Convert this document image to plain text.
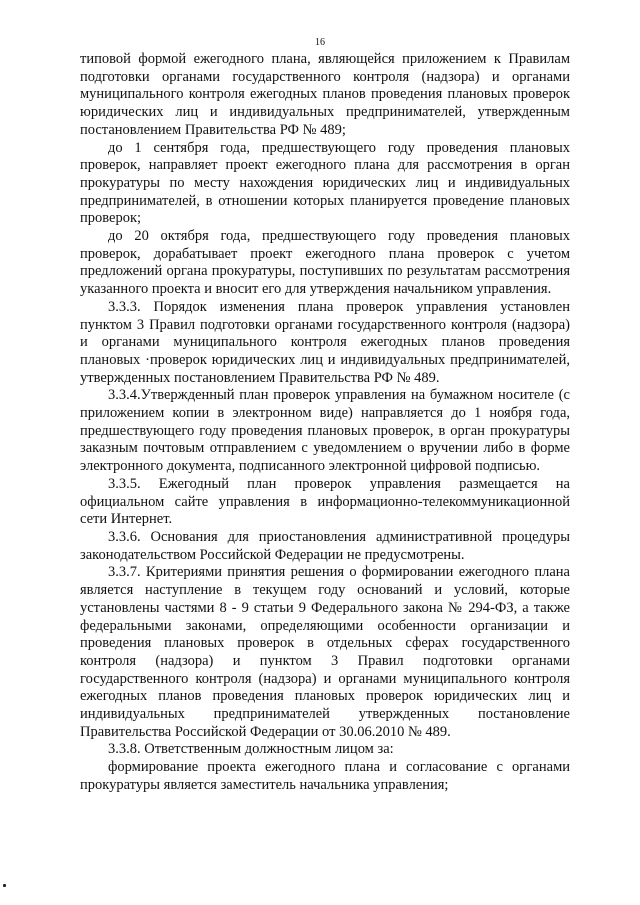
16

типовой формой ежегодного плана, являющейся приложением к Правилам подготовки органами государственного контроля (надзора) и органами муниципального контроля ежегодных планов проведения плановых проверок юридических лиц и индивидуальных предпринимателей, утвержденным постановлением Правительства РФ № 489;

до 1 сентября года, предшествующего году проведения плановых проверок, направляет проект ежегодного плана для рассмотрения в орган прокуратуры по месту нахождения юридических лиц и индивидуальных предпринимателей, в отношении которых планируется проведение плановых проверок;

до 20 октября года, предшествующего году проведения плановых проверок, дорабатывает проект ежегодного плана проверок с учетом предложений органа прокуратуры, поступивших по результатам рассмотрения указанного проекта и вносит его для утверждения начальником управления.

3.3.3. Порядок изменения плана проверок управления установлен пунктом 3 Правил подготовки органами государственного контроля (надзора) и органами муниципального контроля ежегодных планов проведения плановых ·проверок юридических лиц и индивидуальных предпринимателей, утвержденных постановлением Правительства РФ № 489.

3.3.4.Утвержденный план проверок управления на бумажном носителе (с приложением копии в электронном виде) направляется до 1 ноября года, предшествующего году проведения плановых проверок, в орган прокуратуры заказным почтовым отправлением с уведомлением о вручении либо в форме электронного документа, подписанного электронной цифровой подписью.

3.3.5. Ежегодный план проверок управления размещается на официальном сайте управления в информационно-телекоммуникационной сети Интернет.

3.3.6. Основания для приостановления административной процедуры законодательством Российской Федерации не предусмотрены.

3.3.7. Критериями принятия решения о формировании ежегодного плана является наступление в текущем году оснований и условий, которые установлены частями 8 - 9 статьи 9 Федерального закона № 294-ФЗ, а также федеральными законами, определяющими особенности организации и проведения плановых проверок в отдельных сферах государственного контроля (надзора) и пунктом 3 Правил подготовки органами государственного контроля (надзора) и органами муниципального контроля ежегодных планов проведения плановых проверок юридических лиц и индивидуальных предпринимателей утвержденных постановление Правительства Российской Федерации от 30.06.2010 № 489.

3.3.8. Ответственным должностным лицом за:

формирование проекта ежегодного плана и согласование с органами прокуратуры является заместитель начальника управления;
